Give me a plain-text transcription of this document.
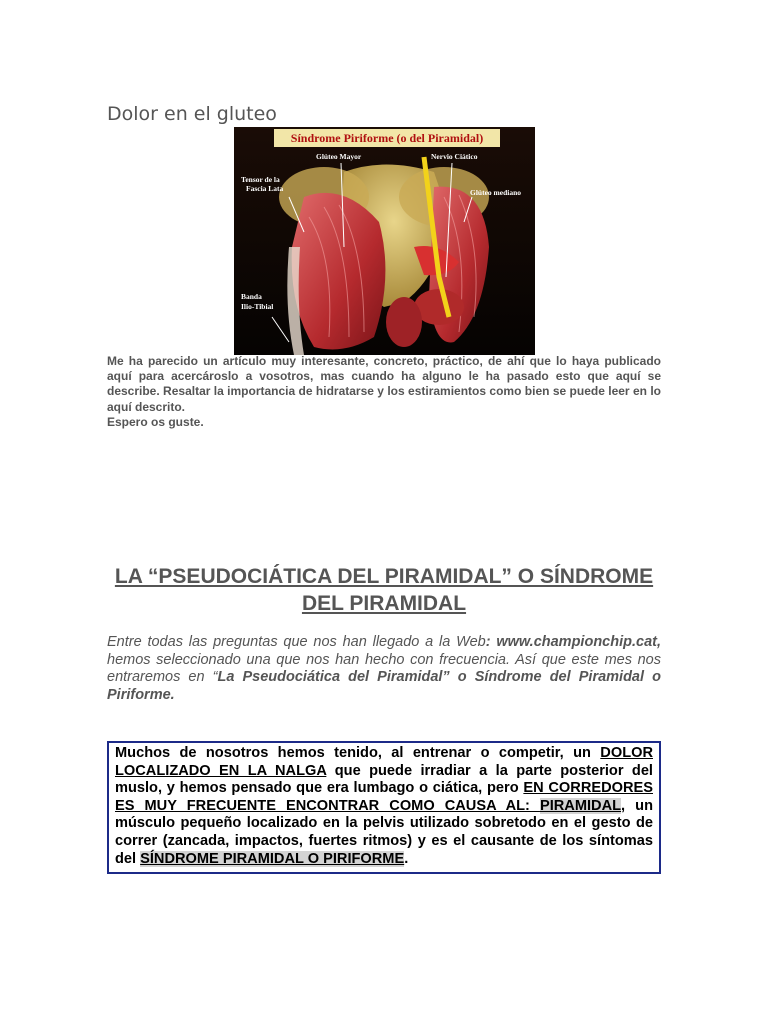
Dolor en el gluteo
Síndrome Piriforme (o del Piramidal)
Glúteo Mayor	Nervio Ciático
Tensor de la
Fascia Lata	Glúteo mediano
Banda
Ilio-Tibial

Me ha parecido un artículo muy interesante, concreto, práctico, de ahí que lo haya publicado aquí para acercároslo a vosotros, mas cuando ha alguno le ha pasado esto que aquí se describe. Resaltar la importancia de hidratarse y los estiramientos como bien se puede leer en lo aquí descrito.

Espero os guste.

LA “PSEUDOCIÁTICA DEL PIRAMIDAL” O SÍNDROME DEL PIRAMIDAL

Entre todas las preguntas que nos han llegado a la Web: www.championchip.cat, hemos seleccionado una que nos han hecho con frecuencia. Así que este mes nos entraremos en “La Pseudociática del Piramidal” o Síndrome del Piramidal o Piriforme.

Muchos de nosotros hemos tenido, al entrenar o competir, un DOLOR LOCALIZADO EN LA NALGA que puede irradiar a la parte posterior del muslo, y hemos pensado que era lumbago o ciática, pero EN CORREDORES ES MUY FRECUENTE ENCONTRAR COMO CAUSA AL: PIRAMIDAL, un músculo pequeño localizado en la pelvis utilizado sobretodo en el gesto de correr (zancada, impactos, fuertes ritmos) y es el causante de los síntomas del SÍNDROME PIRAMIDAL O PIRIFORME.
